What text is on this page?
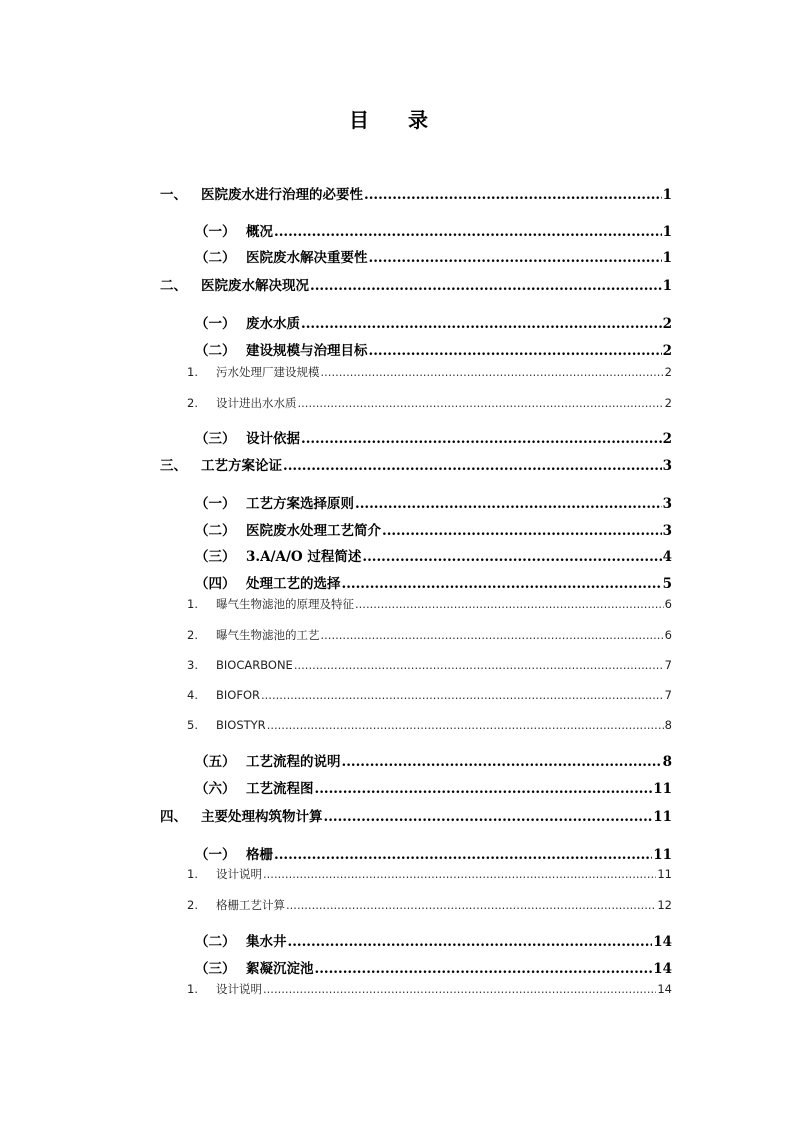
目 录
一、	医院废水进行治理的必要性 .....	1
（一） 概况 .....	1
（二） 医院废水解决重要性 .....	1
二、	医院废水解决现况 .....	1
（一） 废水水质 .....	2
（二） 建设规模与治理目标 .....	2
1.	污水处理厂建设规模 .....	2
2.	设计进出水水质 .....	2
（三） 设计依据 .....	2
三、	工艺方案论证 .....	3
（一） 工艺方案选择原则 .....	3
（二） 医院废水处理工艺简介 .....	3
（三） 3.A/A/O 过程简述 .....	4
（四） 处理工艺的选择 .....	5
1.	曝气生物滤池的原理及特征 .....	6
2.	曝气生物滤池的工艺 .....	6
3.	BIOCARBONE .....	7
4.	BIOFOR .....	7
5.	BIOSTYR .....	8
（五） 工艺流程的说明 .....	8
（六） 工艺流程图 .....	11
四、	主要处理构筑物计算 .....	11
（一） 格栅 .....	11
1.	设计说明 .....	11
2.	格栅工艺计算 .....	12
（二） 集水井 .....	14
（三） 絮凝沉淀池 .....	14
1.	设计说明 .....	14
